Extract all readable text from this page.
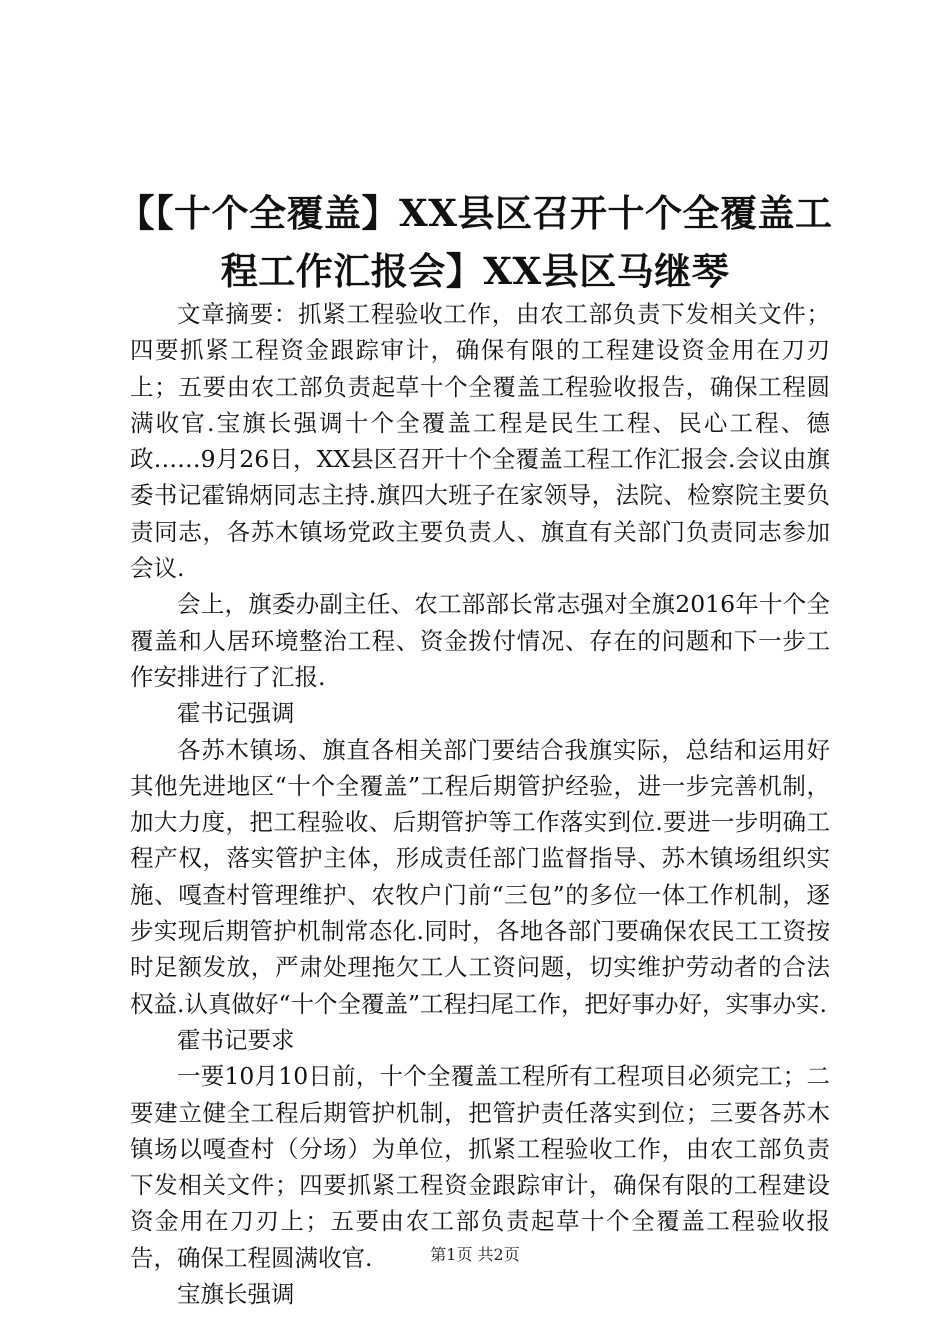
【【十个全覆盖】XX县区召开十个全覆盖工程工作汇报会】XX县区马继琴

文章摘要：抓紧工程验收工作，由农工部负责下发相关文件；四要抓紧工程资金跟踪审计，确保有限的工程建设资金用在刀刃上；五要由农工部负责起草十个全覆盖工程验收报告，确保工程圆满收官.宝旗长强调十个全覆盖工程是民生工程、民心工程、德政……9月26日，XX县区召开十个全覆盖工程工作汇报会.会议由旗委书记霍锦炳同志主持.旗四大班子在家领导，法院、检察院主要负责同志，各苏木镇场党政主要负责人、旗直有关部门负责同志参加会议.

会上，旗委办副主任、农工部部长常志强对全旗2016年十个全覆盖和人居环境整治工程、资金拨付情况、存在的问题和下一步工作安排进行了汇报.

霍书记强调

各苏木镇场、旗直各相关部门要结合我旗实际，总结和运用好其他先进地区“十个全覆盖”工程后期管护经验，进一步完善机制，加大力度，把工程验收、后期管护等工作落实到位.要进一步明确工程产权，落实管护主体，形成责任部门监督指导、苏木镇场组织实施、嘎查村管理维护、农牧户门前“三包”的多位一体工作机制，逐步实现后期管护机制常态化.同时，各地各部门要确保农民工工资按时足额发放，严肃处理拖欠工人工资问题，切实维护劳动者的合法权益.认真做好“十个全覆盖”工程扫尾工作，把好事办好，实事办实.

霍书记要求

一要10月10日前，十个全覆盖工程所有工程项目必须完工；二要建立健全工程后期管护机制，把管护责任落实到位；三要各苏木镇场以嘎查村（分场）为单位，抓紧工程验收工作，由农工部负责下发相关文件；四要抓紧工程资金跟踪审计，确保有限的工程建设资金用在刀刃上；五要由农工部负责起草十个全覆盖工程验收报告，确保工程圆满收官.

宝旗长强调

第1页 共2页
